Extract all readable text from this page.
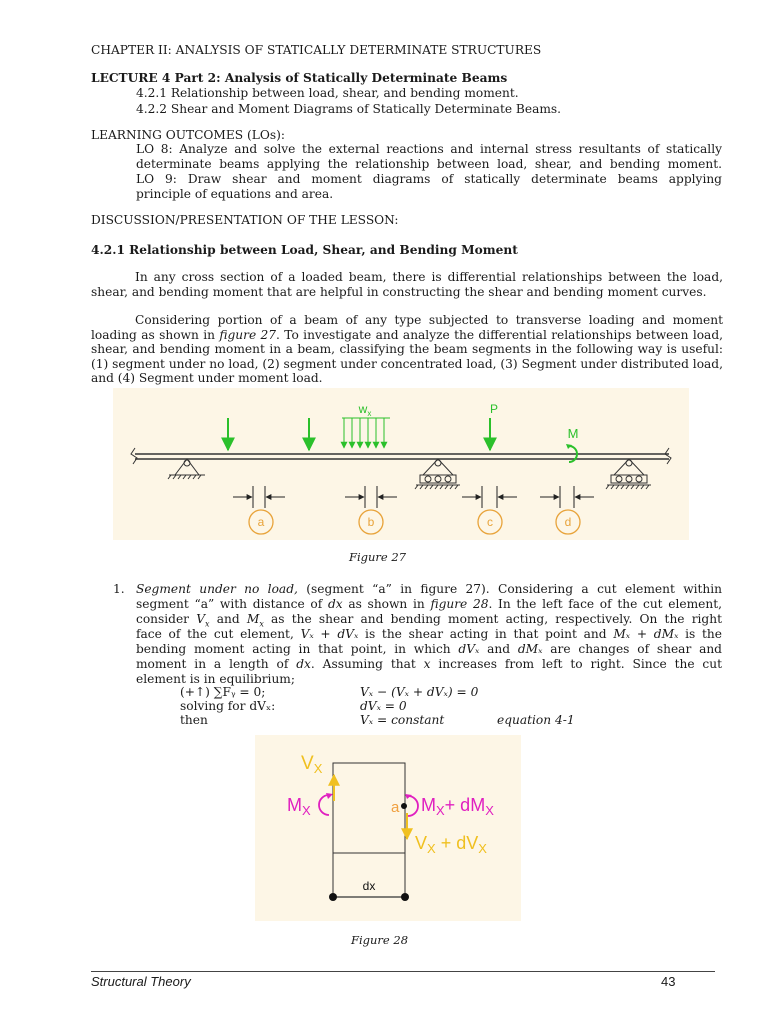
CHAPTER II: ANALYSIS OF STATICALLY DETERMINATE STRUCTURES
LECTURE 4 Part 2: Analysis of Statically Determinate Beams
4.2.1 Relationship between load, shear, and bending moment.
4.2.2 Shear and Moment Diagrams of Statically Determinate Beams.
LEARNING OUTCOMES (LOs):
LO 8: Analyze and solve the external reactions and internal stress resultants of statically
determinate beams applying the relationship between load, shear, and bending moment.
LO 9: Draw shear and moment diagrams of statically determinate beams applying
principle of equations and area.
DISCUSSION/PRESENTATION OF THE LESSON:
4.2.1 Relationship between Load, Shear, and Bending Moment
In any cross section of a loaded beam, there is differential relationships between the load, shear, and bending moment that are helpful in constructing the shear and bending moment curves.
Considering portion of a beam of any type subjected to transverse loading and moment loading as shown in figure 27. To investigate and analyze the differential relationships between load, shear, and bending moment in a beam, classifying the beam segments in the following way is useful: (1) segment under no load, (2) segment under concentrated load, (3) Segment under distributed load, and (4) Segment under moment load.
$w_x$	P
M
a	b	c	d
Figure 27
1. Segment under no load, (segment “a” in figure 27). Considering a cut element within
segment “a” with distance of dx as shown in figure 28. In the left face of the cut element,
consider $V_x$ and $M_x$ as the shear and bending moment acting, respectively. On the right
face of the cut element, Vₓ + dVₓ is the shear acting in that point and Mₓ + dMₓ is the
bending moment acting in that point, in which dVₓ and dMₓ are changes of shear and
moment in a length of dx. Assuming that x increases from left to right. Since the cut
element is in equilibrium;
(+↑) ∑Fᵧ = 0;	Vₓ − (Vₓ + dVₓ) = 0
solving for dVₓ:	dVₓ = 0
then	Vₓ = constant	equation 4-1
$V_X$
$M_X$	a $M_X+ dM_X$
$V_X + dV_X$
dx
Figure 28
Structural Theory	43
